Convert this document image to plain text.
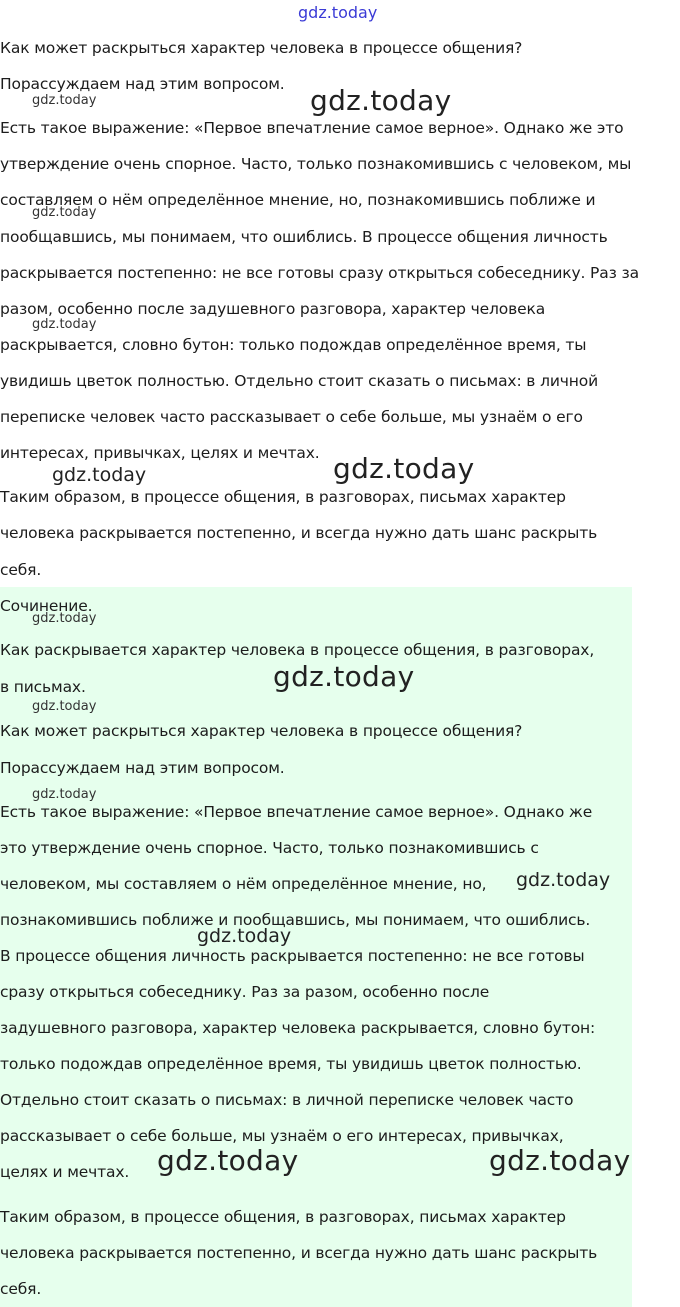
gdz.today
Как может раскрыться характер человека в процессе общения?
Порассуждаем над этим вопросом.
Есть такое выражение: «Первое впечатление самое верное». Однако же это
утверждение очень спорное. Часто, только познакомившись с человеком, мы
составляем о нём определённое мнение, но, познакомившись поближе и
пообщавшись, мы понимаем, что ошиблись. В процессе общения личность
раскрывается постепенно: не все готовы сразу открыться собеседнику. Раз за
разом, особенно после задушевного разговора, характер человека
раскрывается, словно бутон: только подождав определённое время, ты
увидишь цветок полностью. Отдельно стоит сказать о письмах: в личной
переписке человек часто рассказывает о себе больше, мы узнаём о его
интересах, привычках, целях и мечтах.
Таким образом, в процессе общения, в разговорах, письмах характер
человека раскрывается постепенно, и всегда нужно дать шанс раскрыть
себя.
Сочинение.
Как раскрывается характер человека в процессе общения, в разговорах,
в письмах.
Как может раскрыться характер человека в процессе общения?
Порассуждаем над этим вопросом.
Есть такое выражение: «Первое впечатление самое верное». Однако же
это утверждение очень спорное. Часто, только познакомившись с
человеком, мы составляем о нём определённое мнение, но,
познакомившись поближе и пообщавшись, мы понимаем, что ошиблись.
В процессе общения личность раскрывается постепенно: не все готовы
сразу открыться собеседнику. Раз за разом, особенно после
задушевного разговора, характер человека раскрывается, словно бутон:
только подождав определённое время, ты увидишь цветок полностью.
Отдельно стоит сказать о письмах: в личной переписке человек часто
рассказывает о себе больше, мы узнаём о его интересах, привычках,
целях и мечтах.
Таким образом, в процессе общения, в разговорах, письмах характер
человека раскрывается постепенно, и всегда нужно дать шанс раскрыть
себя.
gdz.today	gdz.today
gdz.today
gdz.today
gdz.today	gdz.today
gdz.today
gdz.today
gdz.today
gdz.today
gdz.today
gdz.today
gdz.today	gdz.today
